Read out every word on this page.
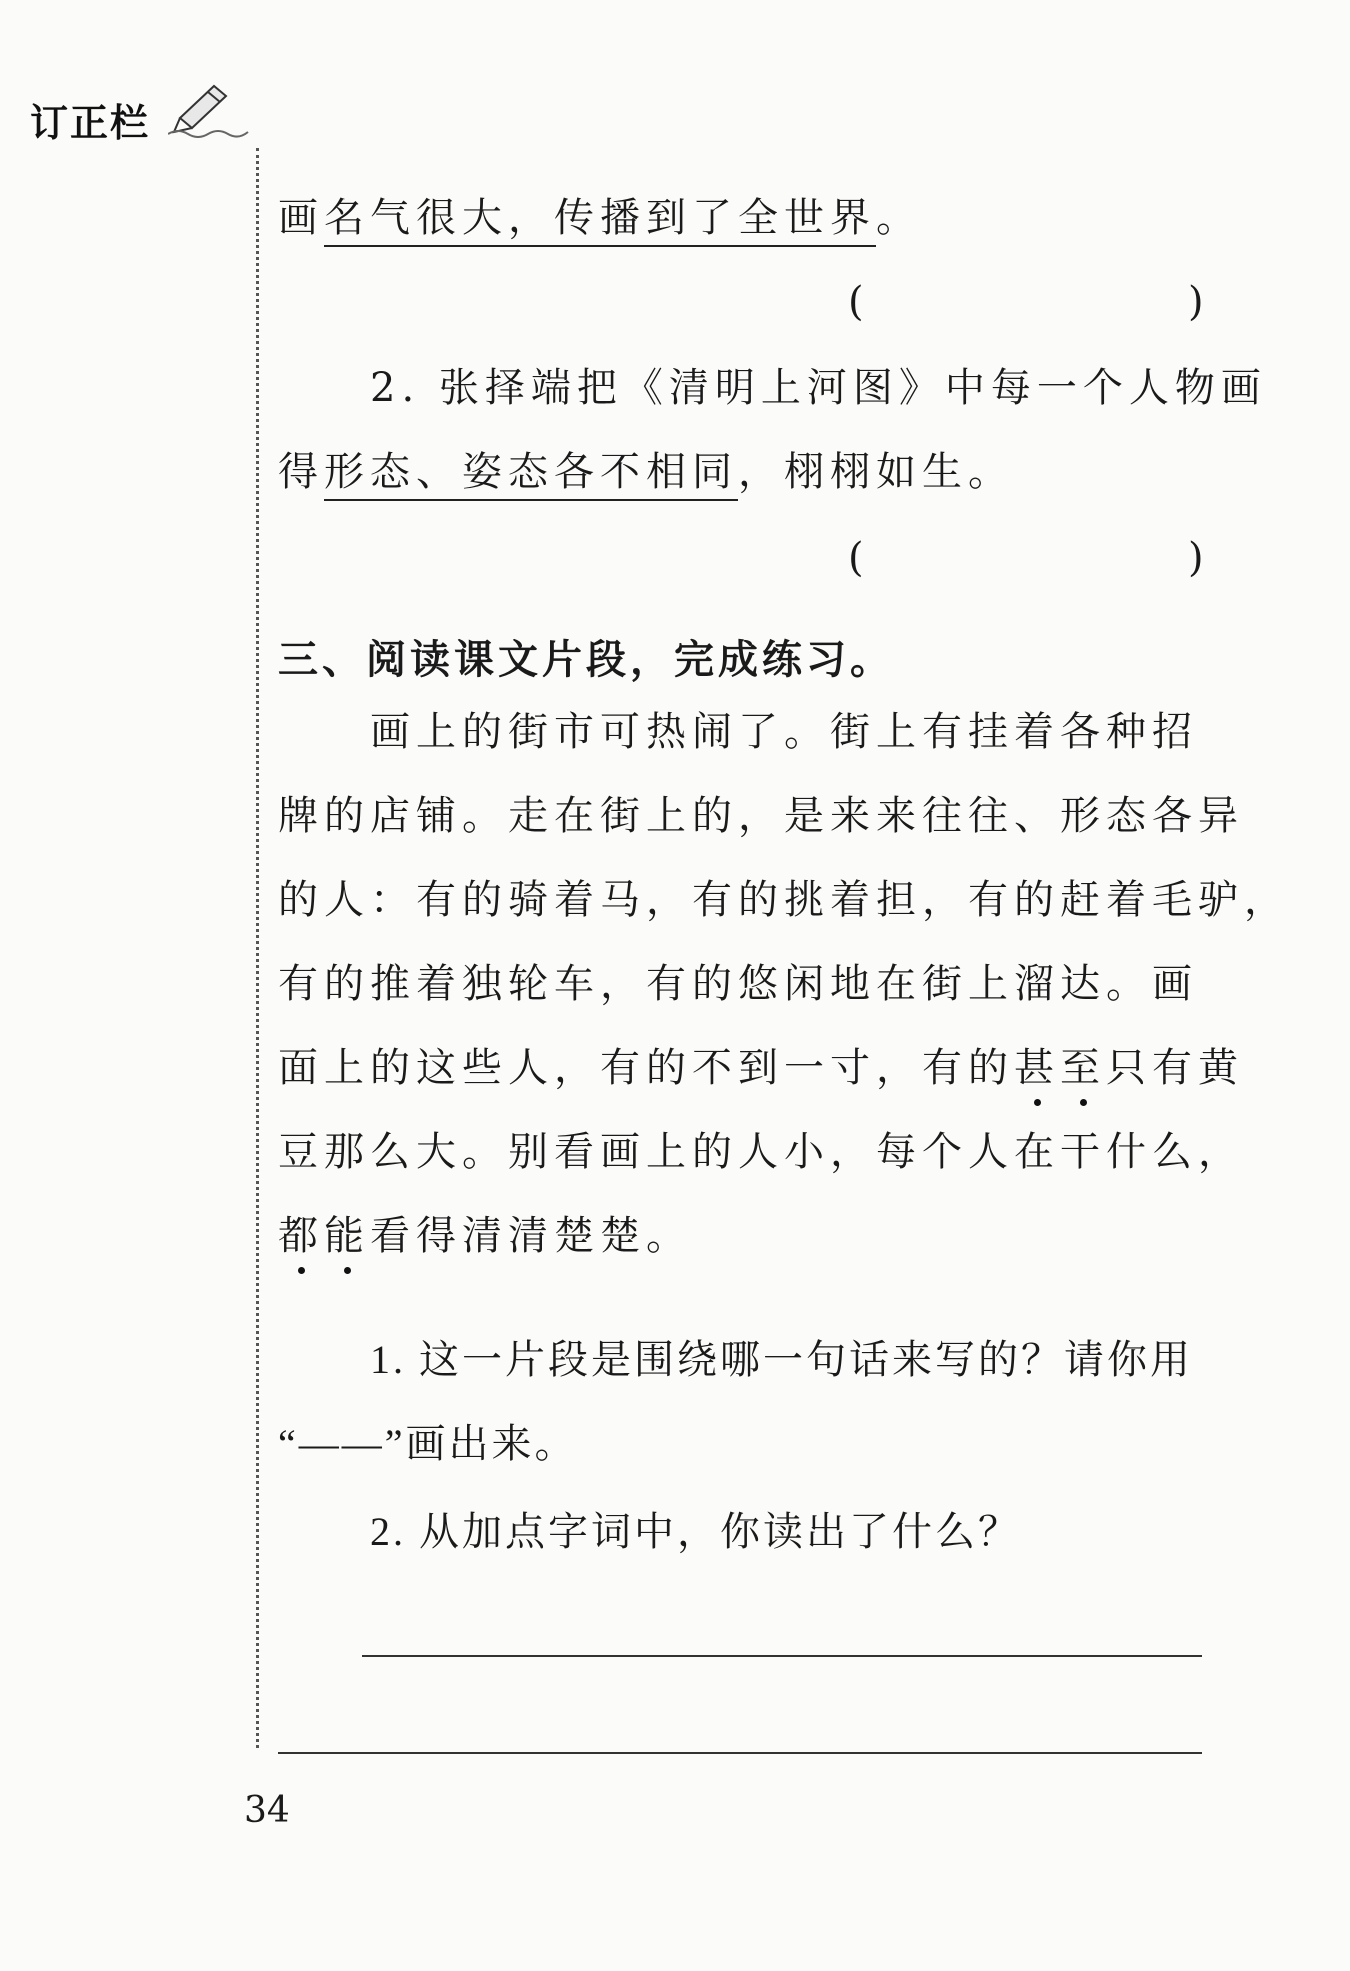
订正栏
画名气很大，传播到了全世界。
(	)
2. 张择端把《清明上河图》中每一个人物画
得形态、姿态各不相同，栩栩如生。
(	)
三、阅读课文片段，完成练习。
画上的街市可热闹了。街上有挂着各种招
牌的店铺。走在街上的，是来来往往、形态各异
的人：有的骑着马，有的挑着担，有的赶着毛驴，
有的推着独轮车，有的悠闲地在街上溜达。画
面上的这些人，有的不到一寸，有的甚至只有黄
豆那么大。别看画上的人小，每个人在干什么，
都能看得清清楚楚。
1. 这一片段是围绕哪一句话来写的？请你用
“——”画出来。
2. 从加点字词中，你读出了什么？
34
